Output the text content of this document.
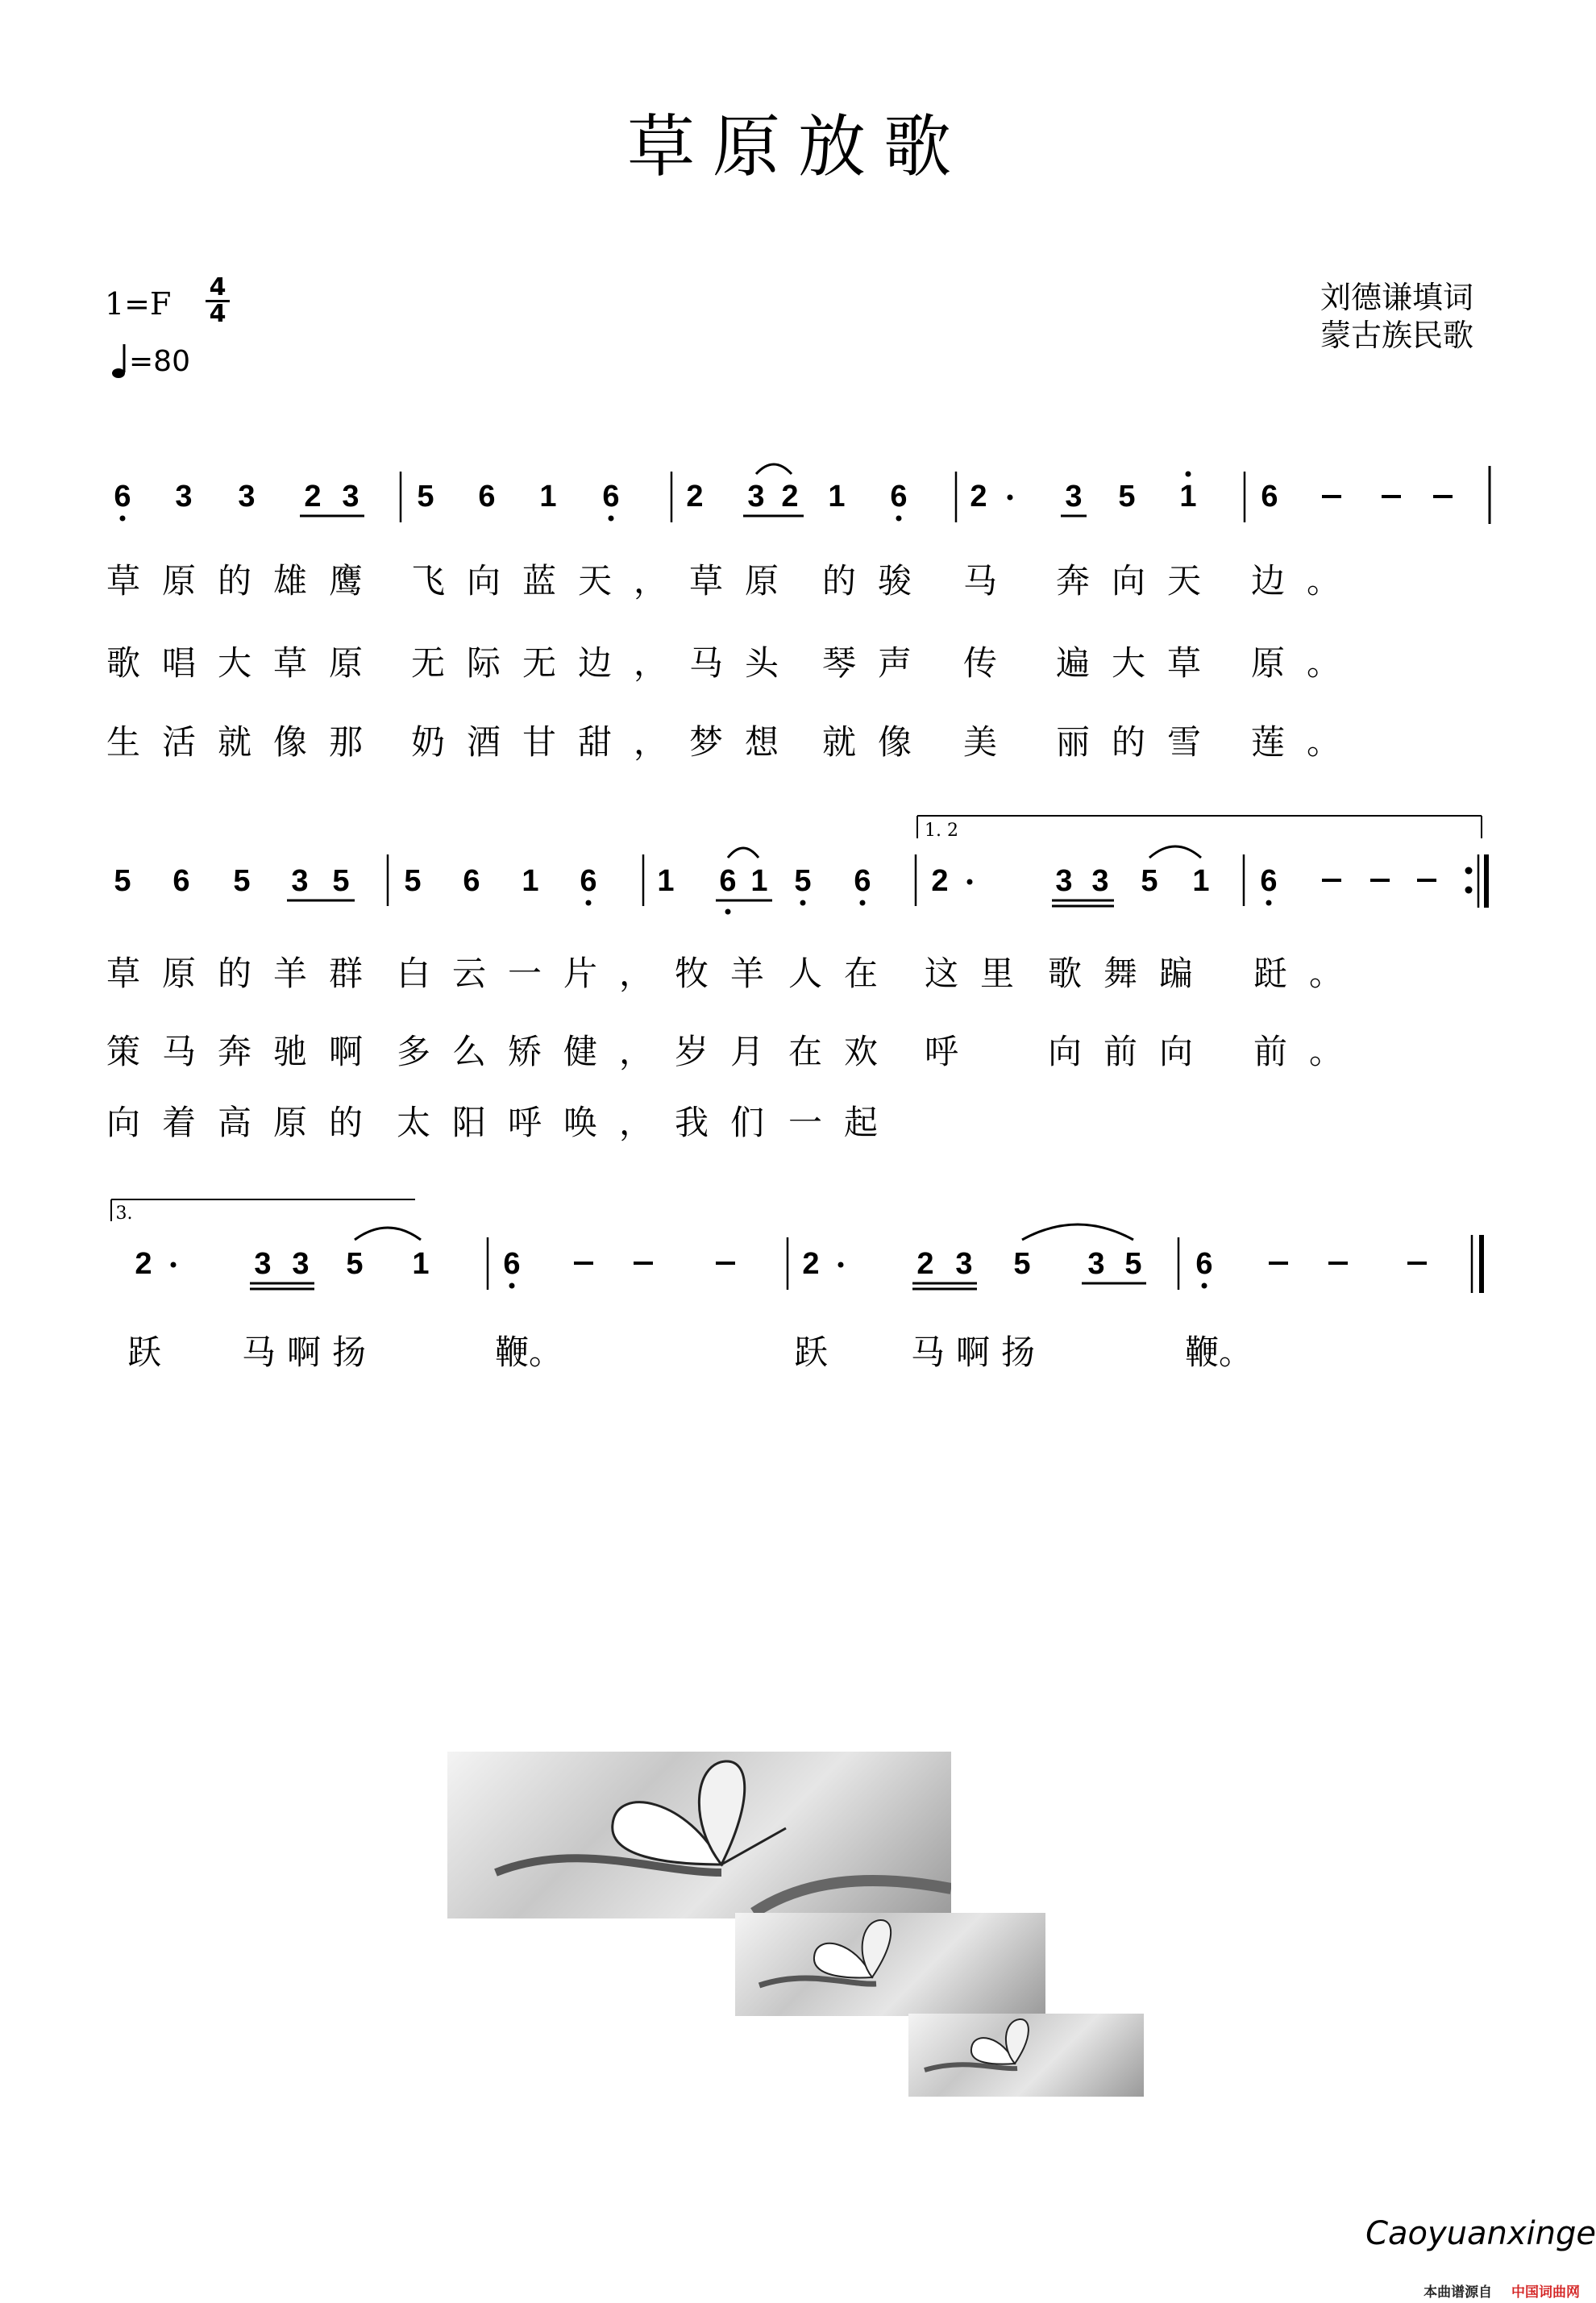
草原放歌
1=F 4
4
=80
刘德谦填词
蒙古族民歌
6 3 3 2 3 5 6 1 6 2 3 2 1 6 2	3 5 1 6
5 6 5 3 5 5 6 1 6 1 6 1 5 6
1. 2
2	3 3 5 1 6
3.
2	3 3 5 1 6	2	2 3 5 3 5 6
草原的雄鹰 飞向蓝天，草原 的骏 马 奔向天 边。
歌唱大草原 无际无边，马头 琴声 传 遍大草 原。
生活就像那 奶酒甘甜，梦想 就像 美 丽的雪 莲。
草原的羊群 白云一片，牧羊 人在 这里 歌舞蹁 跹。
策马奔驰啊 多么矫健，岁月 在欢 呼 向前向 前。
向着高原的 太阳呼唤，我们 一起
跃 马啊扬	鞭。	跃 马啊扬	鞭。
Caoyuanxinge
本曲谱源自 中国词曲网
